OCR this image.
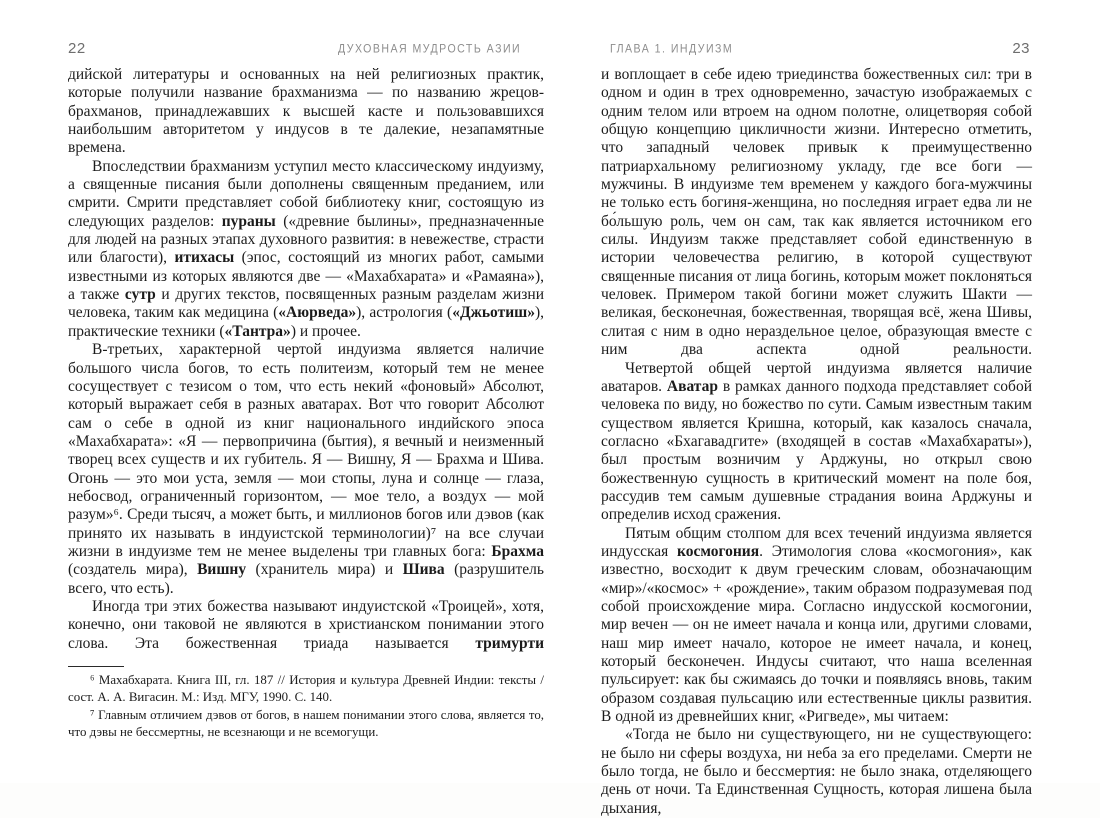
22	ДУХОВНАЯ МУДРОСТЬ АЗИИ	ГЛАВА 1. ИНДУИЗМ	23

дийской литературы и основанных на ней религиозных практик, которые получили название брахманизма — по названию жрецов-брахманов, принадлежавших к высшей касте и пользовавшихся наибольшим авторитетом у индусов в те далекие, незапамятные времена.

Впоследствии брахманизм уступил место классическому индуизму, а священные писания были дополнены священным преданием, или смрити. Смрити представляет собой библиотеку книг, состоящую из следующих разделов: пураны («древние былины», предназначенные для людей на разных этапах духовного развития: в невежестве, страсти или благости), итихасы (эпос, состоящий из многих работ, самыми известными из которых являются две — «Махабхарата» и «Рамаяна»), а также сутр и других текстов, посвященных разным разделам жизни человека, таким как медицина («Аюрведа»), астрология («Джьотиш»), практические техники («Тантра») и прочее.

В-третьих, характерной чертой индуизма является наличие большого числа богов, то есть политеизм, который тем не менее сосуществует с тезисом о том, что есть некий «фоновый» Абсолют, который выражает себя в разных аватарах. Вот что говорит Абсолют сам о себе в одной из книг национального индийского эпоса «Махабхарата»: «Я — первопричина (бытия), я вечный и неизменный творец всех существ и их губитель. Я — Вишну, Я — Брахма и Шива. Огонь — это мои уста, земля — мои стопы, луна и солнце — глаза, небосвод, ограниченный горизонтом, — мое тело, а воздух — мой разум»⁶. Среди тысяч, а может быть, и миллионов богов или дэвов (как принято их называть в индуистской терминологии)⁷ на все случаи жизни в индуизме тем не менее выделены три главных бога: Брахма (создатель мира), Вишну (хранитель мира) и Шива (разрушитель всего, что есть).

Иногда три этих божества называют индуистской «Троицей», хотя, конечно, они таковой не являются в христианском понимании этого слова. Эта божественная триада называется тримурти

⁶ Махабхарата. Книга III, гл. 187 // История и культура Древней Индии: тексты / сост. А. А. Вигасин. М.: Изд. МГУ, 1990. С. 140.

⁷ Главным отличием дэвов от богов, в нашем понимании этого слова, является то, что дэвы не бессмертны, не всезнающи и не всемогущи.

и воплощает в себе идею триединства божественных сил: три в одном и один в трех одновременно, зачастую изображаемых с одним телом или втроем на одном полотне, олицетворяя собой общую концепцию цикличности жизни. Интересно отметить, что западный человек привык к преимущественно патриархальному религиозному укладу, где все боги — мужчины. В индуизме тем временем у каждого бога-мужчины не только есть богиня-женщина, но последняя играет едва ли не бо́льшую роль, чем он сам, так как является источником его силы. Индуизм также представляет собой единственную в истории человечества религию, в которой существуют священные писания от лица богинь, которым может поклоняться человек. Примером такой богини может служить Шакти — великая, бесконечная, божественная, творящая всё, жена Шивы, слитая с ним в одно нераздельное целое, образующая вместе с ним два аспекта одной реальности.

Четвертой общей чертой индуизма является наличие аватаров. Аватар в рамках данного подхода представляет собой человека по виду, но божество по сути. Самым известным таким существом является Кришна, который, как казалось сначала, согласно «Бхагавадгите» (входящей в состав «Махабхараты»), был простым возничим у Арджуны, но открыл свою божественную сущность в критический момент на поле боя, рассудив тем самым душевные страдания воина Арджуны и определив исход сражения.

Пятым общим столпом для всех течений индуизма является индусская космогония. Этимология слова «космогония», как известно, восходит к двум греческим словам, обозначающим «мир»/«космос» + «рождение», таким образом подразумевая под собой происхождение мира. Согласно индусской космогонии, мир вечен — он не имеет начала и конца или, другими словами, наш мир имеет начало, которое не имеет начала, и конец, который бесконечен. Индусы считают, что наша вселенная пульсирует: как бы сжимаясь до точки и появляясь вновь, таким образом создавая пульсацию или естественные циклы развития. В одной из древнейших книг, «Ригведе», мы читаем:

«Тогда не было ни существующего, ни не существующего: не было ни сферы воздуха, ни неба за его пределами. Смерти не было тогда, не было и бессмертия: не было знака, отделяющего день от ночи. Та Единственная Сущность, которая лишена была дыхания,
